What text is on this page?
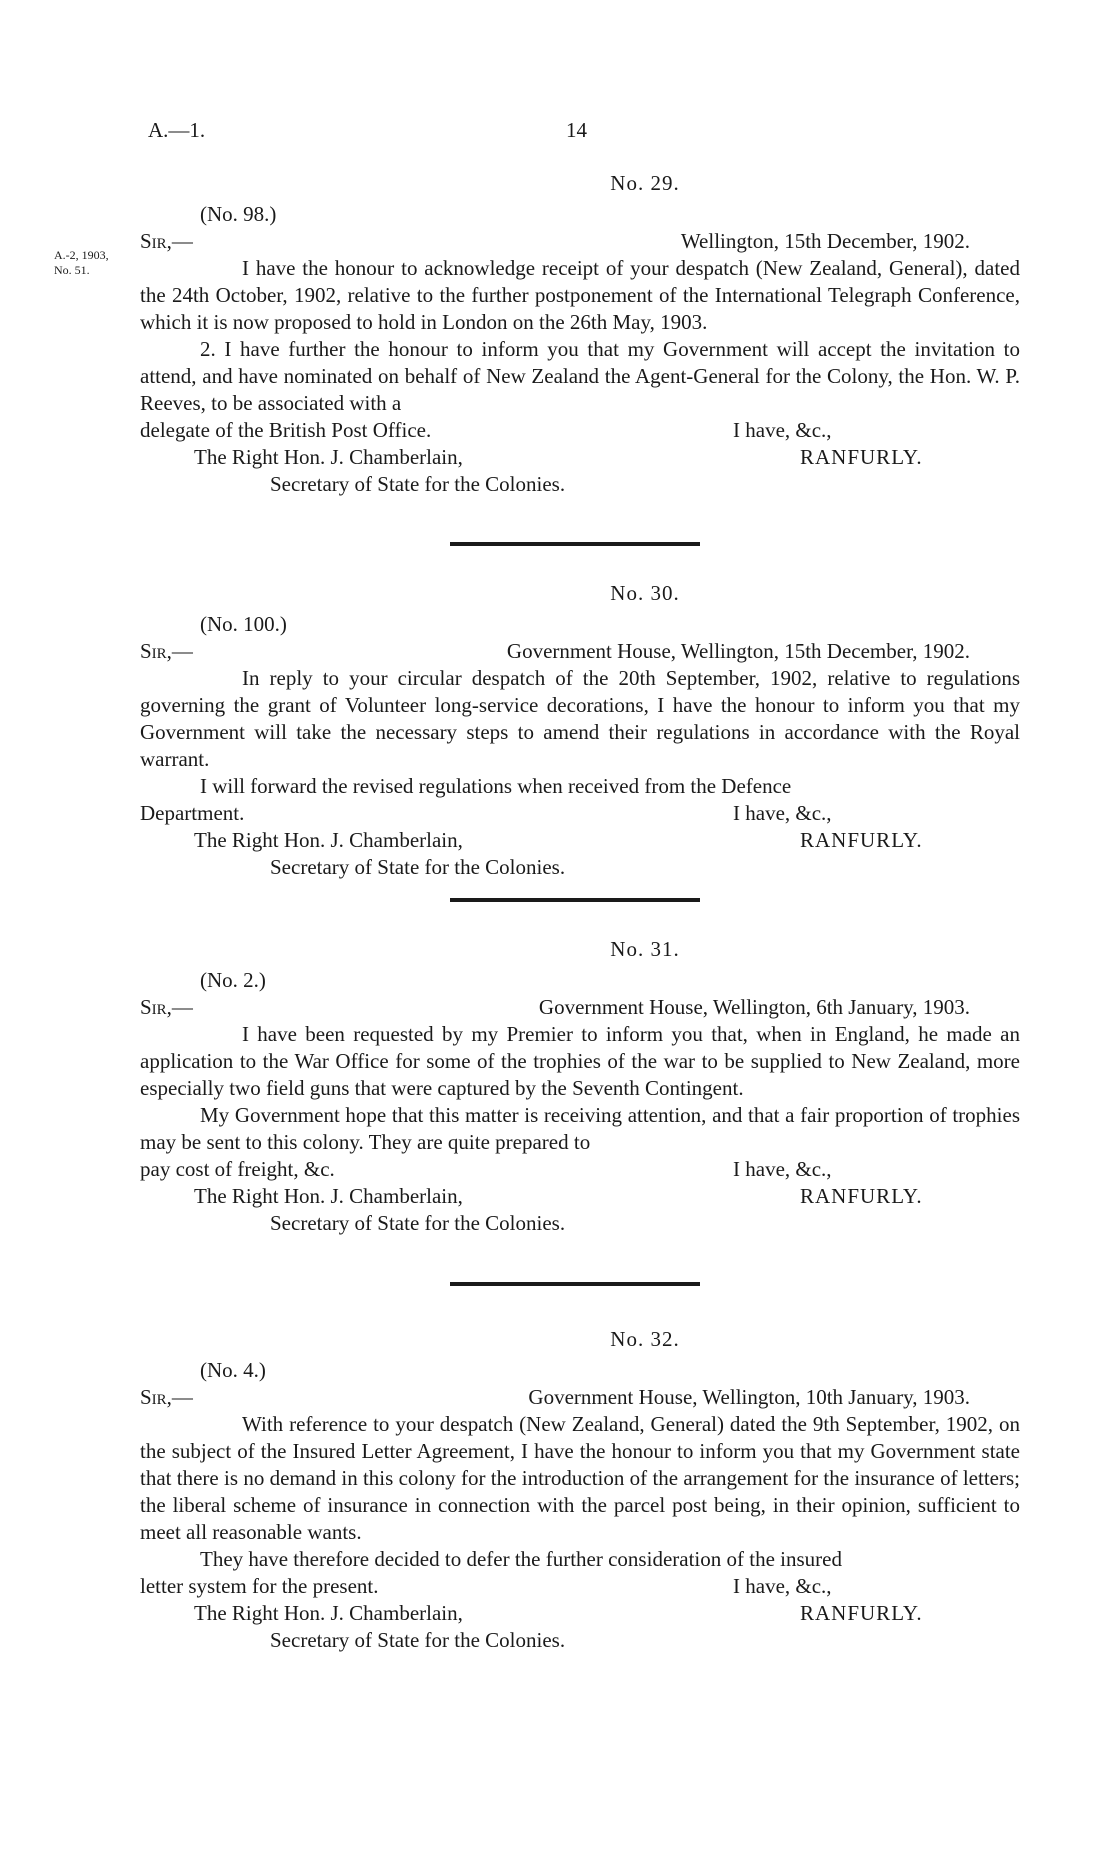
A.—1.	14
A.-2, 1903,
No. 51.
No. 29.
(No. 98.)
Sir,—	Wellington, 15th December, 1902.

I have the honour to acknowledge receipt of your despatch (New Zealand, General), dated the 24th October, 1902, relative to the further postponement of the International Telegraph Conference, which it is now proposed to hold in London on the 26th May, 1903.

2. I have further the honour to inform you that my Government will accept the invitation to attend, and have nominated on behalf of New Zealand the Agent-General for the Colony, the Hon. W. P. Reeves, to be associated with a

delegate of the British Post Office.	I have, &c.,
The Right Hon. J. Chamberlain,	RANFURLY.
Secretary of State for the Colonies.
No. 30.
(No. 100.)
Sir,—	Government House, Wellington, 15th December, 1902.

In reply to your circular despatch of the 20th September, 1902, relative to regulations governing the grant of Volunteer long-service decorations, I have the honour to inform you that my Government will take the necessary steps to amend their regulations in accordance with the Royal warrant.

I will forward the revised regulations when received from the Defence

Department.	I have, &c.,
The Right Hon. J. Chamberlain,	RANFURLY.
Secretary of State for the Colonies.
No. 31.
(No. 2.)
Sir,—	Government House, Wellington, 6th January, 1903.

I have been requested by my Premier to inform you that, when in England, he made an application to the War Office for some of the trophies of the war to be supplied to New Zealand, more especially two field guns that were captured by the Seventh Contingent.

My Government hope that this matter is receiving attention, and that a fair proportion of trophies may be sent to this colony. They are quite prepared to

pay cost of freight, &c.	I have, &c.,
The Right Hon. J. Chamberlain,	RANFURLY.
Secretary of State for the Colonies.
No. 32.
(No. 4.)
Sir,—	Government House, Wellington, 10th January, 1903.

With reference to your despatch (New Zealand, General) dated the 9th September, 1902, on the subject of the Insured Letter Agreement, I have the honour to inform you that my Government state that there is no demand in this colony for the introduction of the arrangement for the insurance of letters; the liberal scheme of insurance in connection with the parcel post being, in their opinion, sufficient to meet all reasonable wants.

They have therefore decided to defer the further consideration of the insured

letter system for the present.	I have, &c.,
The Right Hon. J. Chamberlain,	RANFURLY.
Secretary of State for the Colonies.
